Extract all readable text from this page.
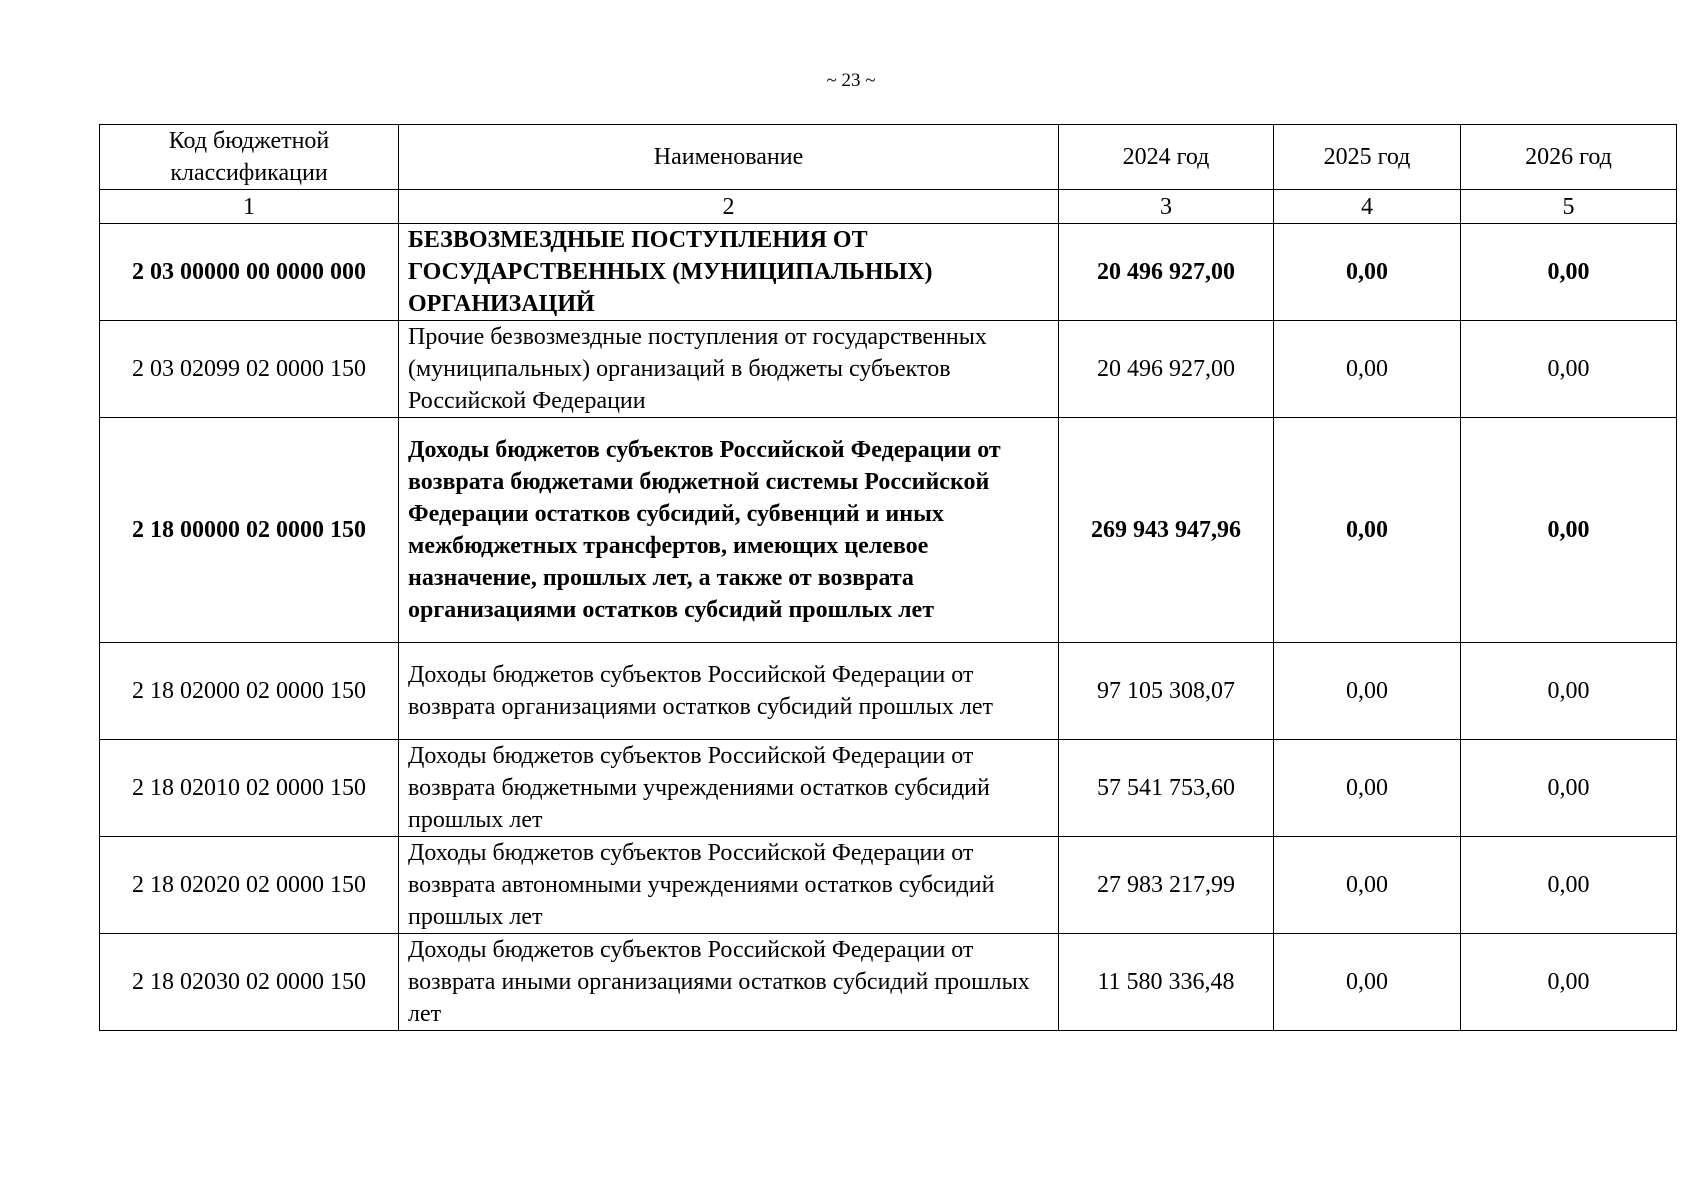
~ 23 ~
Код бюджетной классификации	Наименование	2024 год	2025 год	2026 год
1	2	3	4	5
2 03 00000 00 0000 000	БЕЗВОЗМЕЗДНЫЕ ПОСТУПЛЕНИЯ ОТ ГОСУДАРСТВЕННЫХ (МУНИЦИПАЛЬНЫХ) ОРГАНИЗАЦИЙ	20 496 927,00	0,00	0,00
2 03 02099 02 0000 150	Прочие безвозмездные поступления от государственных (муниципальных) организаций в бюджеты субъектов Российской Федерации	20 496 927,00	0,00	0,00
2 18 00000 02 0000 150	Доходы бюджетов субъектов Российской Федерации от возврата бюджетами бюджетной системы Российской Федерации остатков субсидий, субвенций и иных межбюджетных трансфертов, имеющих целевое назначение, прошлых лет, а также от возврата организациями остатков субсидий прошлых лет	269 943 947,96	0,00	0,00
2 18 02000 02 0000 150	Доходы бюджетов субъектов Российской Федерации от возврата организациями остатков субсидий прошлых лет	97 105 308,07	0,00	0,00
2 18 02010 02 0000 150	Доходы бюджетов субъектов Российской Федерации от возврата бюджетными учреждениями остатков субсидий прошлых лет	57 541 753,60	0,00	0,00
2 18 02020 02 0000 150	Доходы бюджетов субъектов Российской Федерации от возврата автономными учреждениями остатков субсидий прошлых лет	27 983 217,99	0,00	0,00
2 18 02030 02 0000 150	Доходы бюджетов субъектов Российской Федерации от возврата иными организациями остатков субсидий прошлых лет	11 580 336,48	0,00	0,00
